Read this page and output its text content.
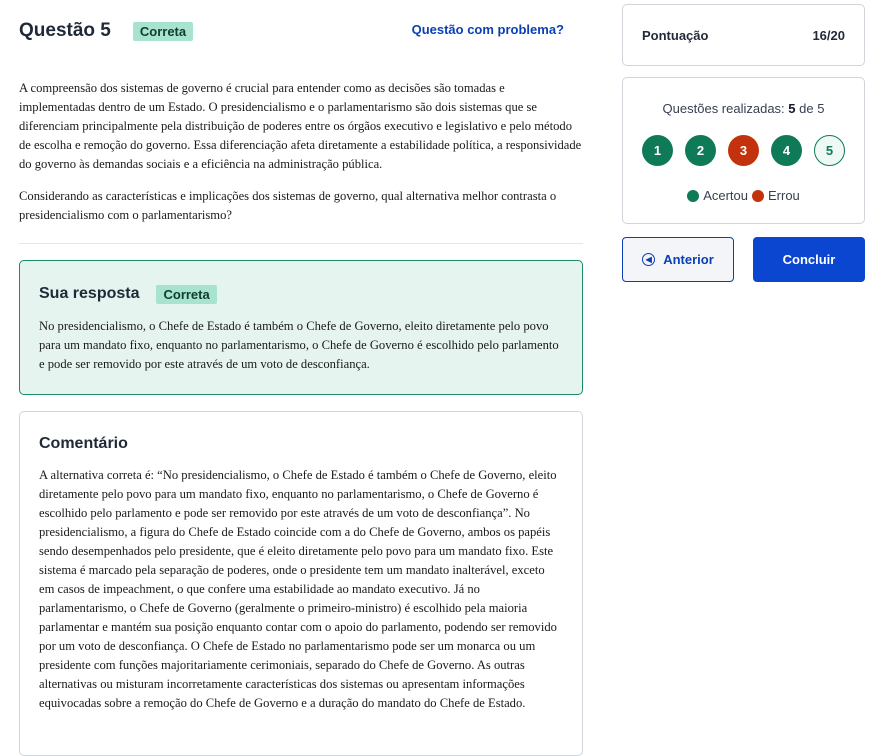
Questão 5	Correta	Questão com problema?

A compreensão dos sistemas de governo é crucial para entender como as decisões são tomadas e implementadas dentro de um Estado. O presidencialismo e o parlamentarismo são dois sistemas que se diferenciam principalmente pela distribuição de poderes entre os órgãos executivo e legislativo e pelo método de escolha e remoção do governo. Essa diferenciação afeta diretamente a estabilidade política, a responsividade do governo às demandas sociais e a eficiência na administração pública.

Considerando as características e implicações dos sistemas de governo, qual alternativa melhor contrasta o presidencialismo com o parlamentarismo?

Sua resposta	Correta

No presidencialismo, o Chefe de Estado é também o Chefe de Governo, eleito diretamente pelo povo para um mandato fixo, enquanto no parlamentarismo, o Chefe de Governo é escolhido pelo parlamento e pode ser removido por este através de um voto de desconfiança.

Comentário

A alternativa correta é: “No presidencialismo, o Chefe de Estado é também o Chefe de Governo, eleito diretamente pelo povo para um mandato fixo, enquanto no parlamentarismo, o Chefe de Governo é escolhido pelo parlamento e pode ser removido por este através de um voto de desconfiança”. No presidencialismo, a figura do Chefe de Estado coincide com a do Chefe de Governo, ambos os papéis sendo desempenhados pelo presidente, que é eleito diretamente pelo povo para um mandato fixo. Este sistema é marcado pela separação de poderes, onde o presidente tem um mandato inalterável, exceto em casos de impeachment, o que confere uma estabilidade ao mandato executivo. Já no parlamentarismo, o Chefe de Governo (geralmente o primeiro-ministro) é escolhido pela maioria parlamentar e mantém sua posição enquanto contar com o apoio do parlamento, podendo ser removido por um voto de desconfiança. O Chefe de Estado no parlamentarismo pode ser um monarca ou um presidente com funções majoritariamente cerimoniais, separado do Chefe de Governo. As outras alternativas ou misturam incorretamente características dos sistemas ou apresentam informações equivocadas sobre a remoção do Chefe de Governo e a duração do mandato do Chefe de Estado.

Pontuação	16/20
Questões realizadas: 5 de 5
1	2	3	4	5
Acertou Errou
◀ Anterior	Concluir
